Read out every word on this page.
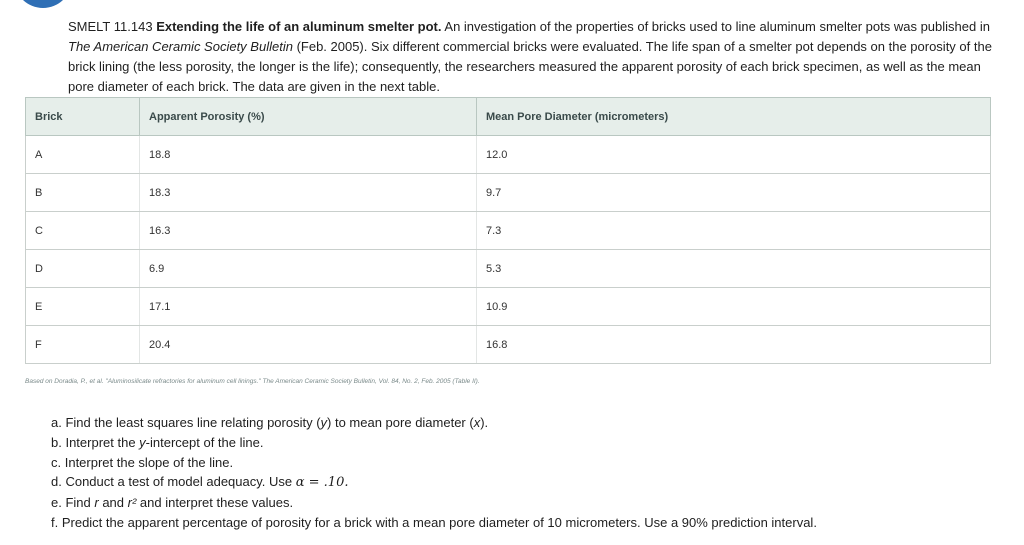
SMELT 11.143 Extending the life of an aluminum smelter pot. An investigation of the properties of bricks used to line aluminum smelter pots was published in The American Ceramic Society Bulletin (Feb. 2005). Six different commercial bricks were evaluated. The life span of a smelter pot depends on the porosity of the brick lining (the less porosity, the longer is the life); consequently, the researchers measured the apparent porosity of each brick specimen, as well as the mean pore diameter of each brick. The data are given in the next table.
Brick	Apparent Porosity (%)	Mean Pore Diameter (micrometers)
A	18.8	12.0
B	18.3	9.7
C	16.3	7.3
D	6.9	5.3
E	17.1	10.9
F	20.4	16.8
Based on Doradia, P., et al. "Aluminosilicate refractories for aluminum cell linings." The American Ceramic Society Bulletin, Vol. 84, No. 2, Feb. 2005 (Table II).
a. Find the least squares line relating porosity (y) to mean pore diameter (x).
b. Interpret the y-intercept of the line.
c. Interpret the slope of the line.
d. Conduct a test of model adequacy. Use α = .10.
e. Find r and r² and interpret these values.
f. Predict the apparent percentage of porosity for a brick with a mean pore diameter of 10 micrometers. Use a 90% prediction interval.
